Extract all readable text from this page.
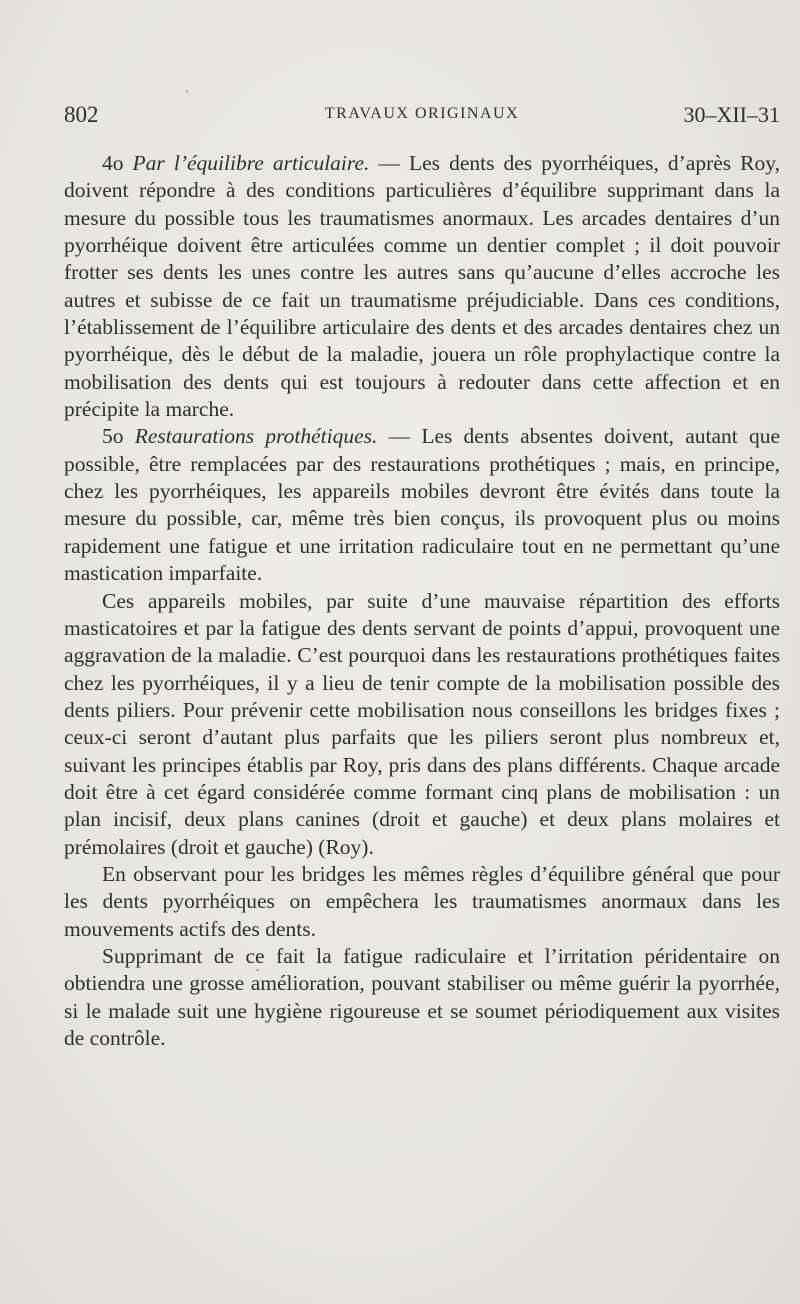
802	TRAVAUX ORIGINAUX	30–XII–31

4o Par l’équilibre articulaire. — Les dents des pyorrhéiques, d’après Roy, doivent répondre à des conditions particulières d’équilibre supprimant dans la mesure du possible tous les traumatismes anormaux. Les arcades dentaires d’un pyorrhéique doivent être articulées comme un dentier complet ; il doit pouvoir frotter ses dents les unes contre les autres sans qu’aucune d’elles accroche les autres et subisse de ce fait un traumatisme préjudiciable. Dans ces conditions, l’établissement de l’équilibre articulaire des dents et des arcades dentaires chez un pyorrhéique, dès le début de la maladie, jouera un rôle prophylactique contre la mobilisation des dents qui est toujours à redouter dans cette affection et en précipite la marche.

5o Restaurations prothétiques. — Les dents absentes doivent, autant que possible, être remplacées par des restaurations prothétiques ; mais, en principe, chez les pyorrhéiques, les appareils mobiles devront être évités dans toute la mesure du possible, car, même très bien conçus, ils provoquent plus ou moins rapidement une fatigue et une irritation radiculaire tout en ne permettant qu’une mastication imparfaite.

Ces appareils mobiles, par suite d’une mauvaise répartition des efforts masticatoires et par la fatigue des dents servant de points d’appui, provoquent une aggravation de la maladie. C’est pourquoi dans les restaurations prothétiques faites chez les pyorrhéiques, il y a lieu de tenir compte de la mobilisation possible des dents piliers. Pour prévenir cette mobilisation nous conseillons les bridges fixes ; ceux-ci seront d’autant plus parfaits que les piliers seront plus nombreux et, suivant les principes établis par Roy, pris dans des plans différents. Chaque arcade doit être à cet égard considérée comme formant cinq plans de mobilisation : un plan incisif, deux plans canines (droit et gauche) et deux plans molaires et prémolaires (droit et gauche) (Roy).

En observant pour les bridges les mêmes règles d’équilibre général que pour les dents pyorrhéiques on empêchera les traumatismes anormaux dans les mouvements actifs des dents.

Supprimant de ce fait la fatigue radiculaire et l’irritation péridentaire on obtiendra une grosse amélioration, pouvant stabiliser ou même guérir la pyorrhée, si le malade suit une hygiène rigoureuse et se soumet périodiquement aux visites de contrôle.
